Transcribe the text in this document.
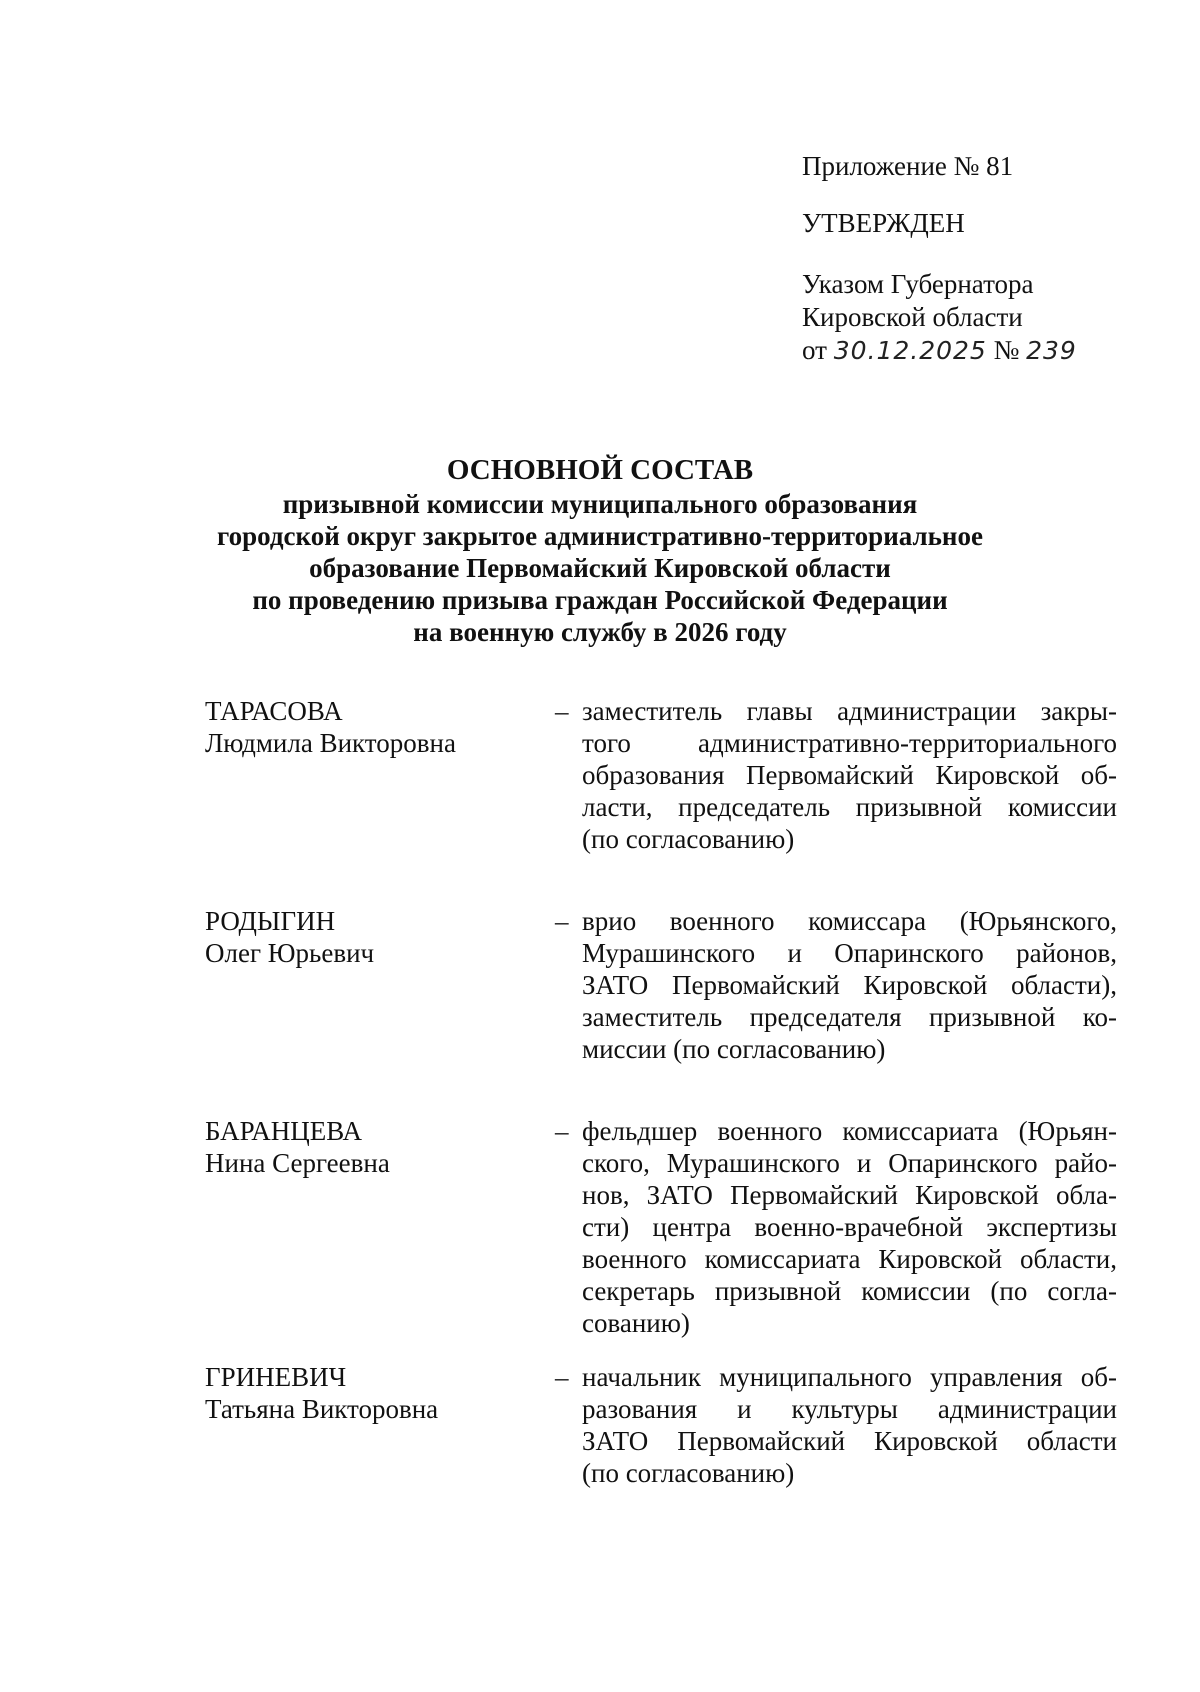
Приложение № 81
УТВЕРЖДЕН
Указом Губернатора
Кировской области
от 30.12.2025 № 239
ОСНОВНОЙ СОСТАВ
призывной комиссии муниципального образования
городской округ закрытое административно-территориальное
образование Первомайский Кировской области
по проведению призыва граждан Российской Федерации
на военную службу в 2026 году
ТАРАСОВА
Людмила Викторовна
– заместитель главы администрации закры-
того административно-территориального
образования Первомайский Кировской об-
ласти, председатель призывной комиссии
(по согласованию)
РОДЫГИН
Олег Юрьевич
– врио военного комиссара (Юрьянского,
Мурашинского и Опаринского районов,
ЗАТО Первомайский Кировской области),
заместитель председателя призывной ко-
миссии (по согласованию)
БАРАНЦЕВА
Нина Сергеевна
– фельдшер военного комиссариата (Юрьян-
ского, Мурашинского и Опаринского райо-
нов, ЗАТО Первомайский Кировской обла-
сти) центра военно-врачебной экспертизы
военного комиссариата Кировской области,
секретарь призывной комиссии (по согла-
сованию)
ГРИНЕВИЧ
Татьяна Викторовна
– начальник муниципального управления об-
разования и культуры администрации
ЗАТО Первомайский Кировской области
(по согласованию)
